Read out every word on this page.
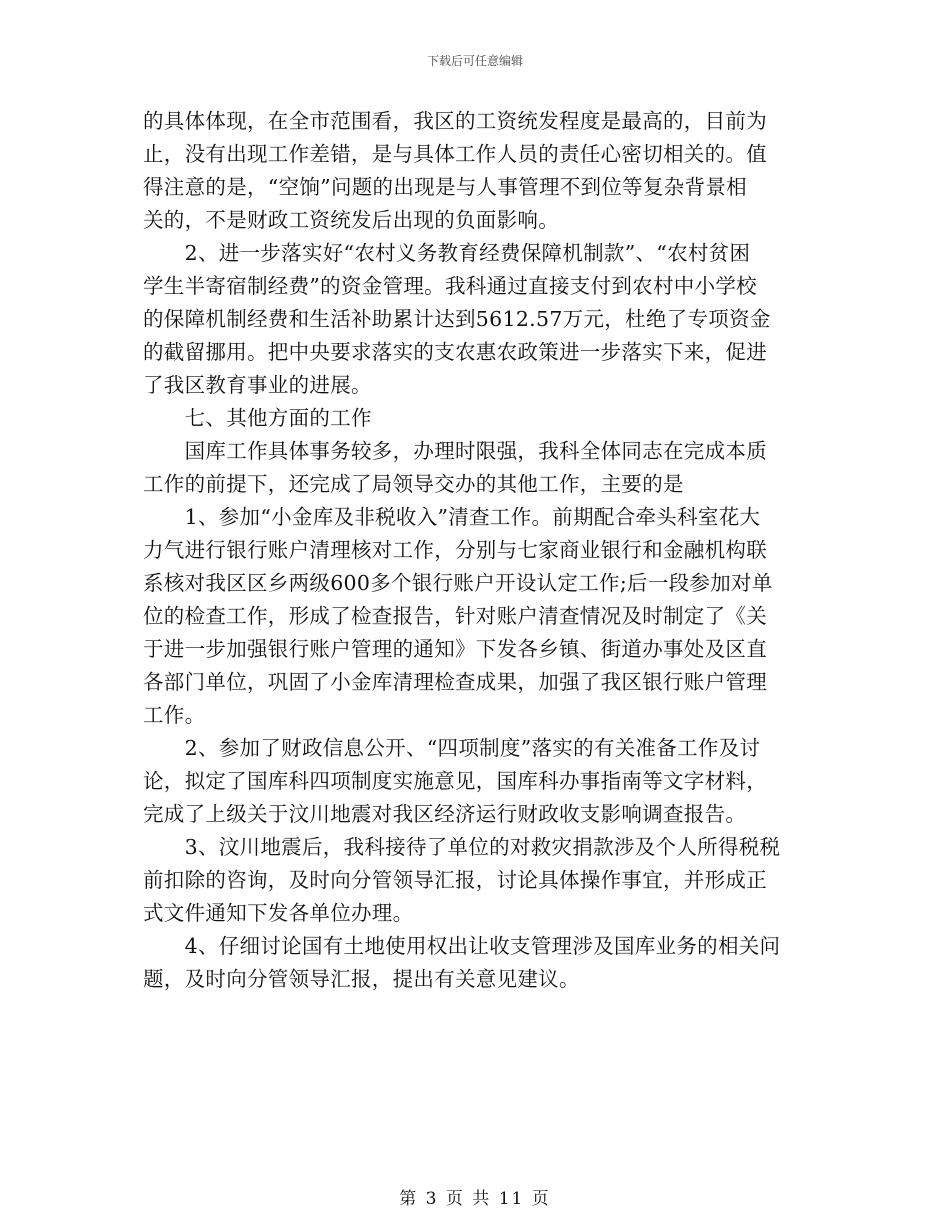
下载后可任意编辑
的具体体现，在全市范围看，我区的工资统发程度是最高的，目前为
止，没有出现工作差错，是与具体工作人员的责任心密切相关的。值
得注意的是，“空饷”问题的出现是与人事管理不到位等复杂背景相
关的，不是财政工资统发后出现的负面影响。
　　2、进一步落实好“农村义务教育经费保障机制款”、“农村贫困
学生半寄宿制经费”的资金管理。我科通过直接支付到农村中小学校
的保障机制经费和生活补助累计达到5612.57万元，杜绝了专项资金
的截留挪用。把中央要求落实的支农惠农政策进一步落实下来，促进
了我区教育事业的进展。
　　七、其他方面的工作
　　国库工作具体事务较多，办理时限强，我科全体同志在完成本质
工作的前提下，还完成了局领导交办的其他工作，主要的是
　　1、参加“小金库及非税收入”清查工作。前期配合牵头科室花大
力气进行银行账户清理核对工作，分别与七家商业银行和金融机构联
系核对我区区乡两级600多个银行账户开设认定工作;后一段参加对单
位的检查工作，形成了检查报告，针对账户清查情况及时制定了《关
于进一步加强银行账户管理的通知》下发各乡镇、街道办事处及区直
各部门单位，巩固了小金库清理检查成果，加强了我区银行账户管理
工作。
　　2、参加了财政信息公开、“四项制度”落实的有关准备工作及讨
论，拟定了国库科四项制度实施意见，国库科办事指南等文字材料，
完成了上级关于汶川地震对我区经济运行财政收支影响调查报告。
　　3、汶川地震后，我科接待了单位的对救灾捐款涉及个人所得税税
前扣除的咨询，及时向分管领导汇报，讨论具体操作事宜，并形成正
式文件通知下发各单位办理。
　　4、仔细讨论国有土地使用权出让收支管理涉及国库业务的相关问
题，及时向分管领导汇报，提出有关意见建议。
第 3 页 共 11 页
